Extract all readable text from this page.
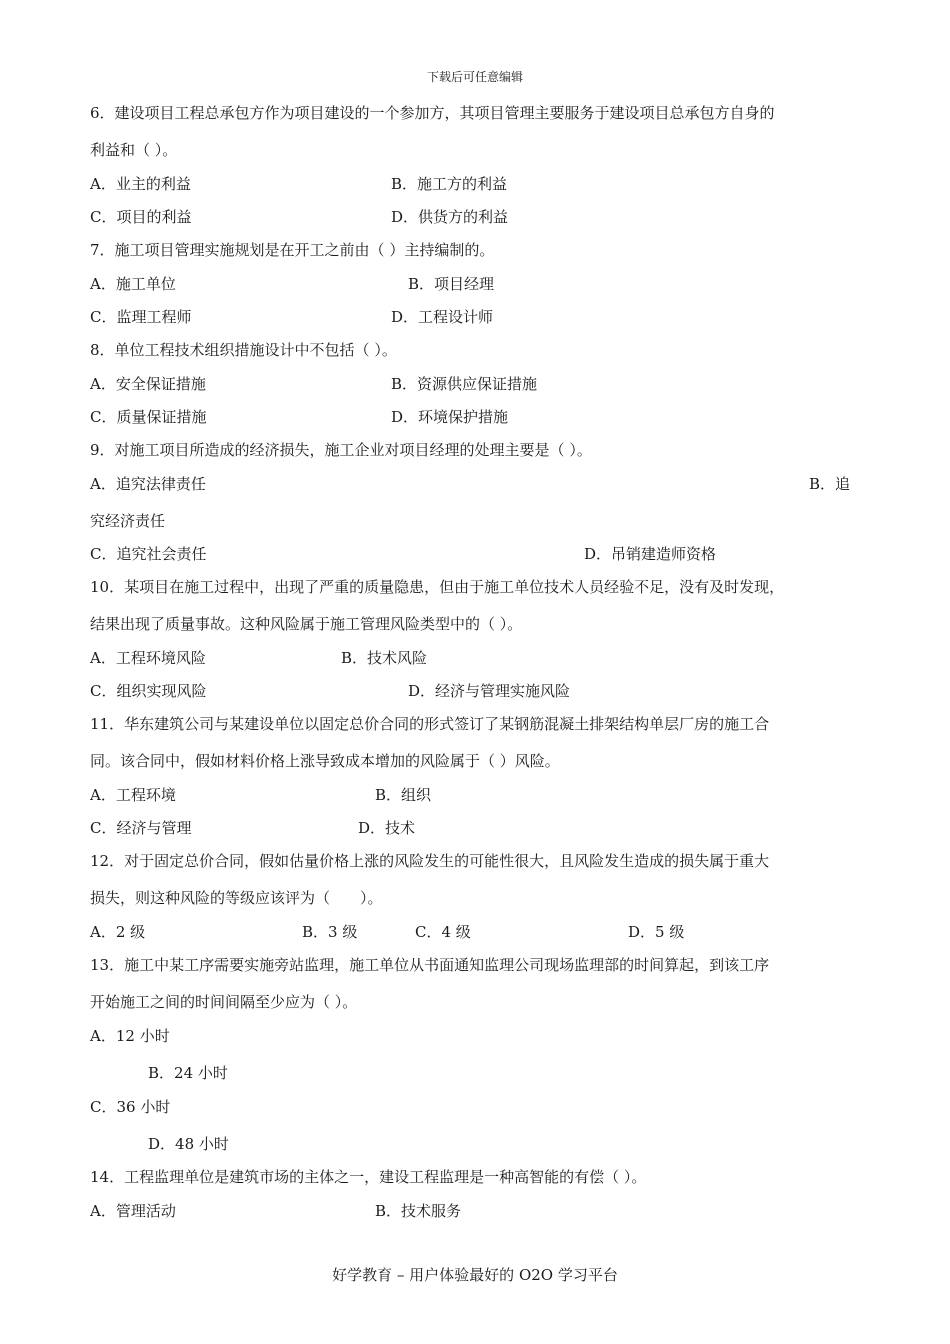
下载后可任意编辑
6．建设项目工程总承包方作为项目建设的一个参加方，其项目管理主要服务于建设项目总承包方自身的
利益和（ ）。
A．业主的利益	B．施工方的利益
C．项目的利益	D．供货方的利益
7．施工项目管理实施规划是在开工之前由（ ）主持编制的。
A．施工单位	B．项目经理
C．监理工程师	D．工程设计师
8．单位工程技术组织措施设计中不包括（ ）。
A．安全保证措施	B．资源供应保证措施
C．质量保证措施	D．环境保护措施
9．对施工项目所造成的经济损失，施工企业对项目经理的处理主要是（ ）。
A．追究法律责任	B．追
究经济责任
C．追究社会责任	D．吊销建造师资格
10．某项目在施工过程中，出现了严重的质量隐患，但由于施工单位技术人员经验不足，没有及时发现，
结果出现了质量事故。这种风险属于施工管理风险类型中的（ ）。
A．工程环境风险	B．技术风险
C．组织实现风险	D．经济与管理实施风险
11．华东建筑公司与某建设单位以固定总价合同的形式签订了某钢筋混凝土排架结构单层厂房的施工合
同。该合同中，假如材料价格上涨导致成本增加的风险属于（ ）风险。
A．工程环境	B．组织
C．经济与管理	D．技术
12．对于固定总价合同，假如估量价格上涨的风险发生的可能性很大，且风险发生造成的损失属于重大
损失，则这种风险的等级应该评为（　　）。
A．2 级	B．3 级	C．4 级	D．5 级
13．施工中某工序需要实施旁站监理，施工单位从书面通知监理公司现场监理部的时间算起，到该工序
开始施工之间的时间间隔至少应为（ ）。
A．12 小时
B．24 小时
C．36 小时
D．48 小时
14．工程监理单位是建筑市场的主体之一，建设工程监理是一种高智能的有偿（ ）。
A．管理活动	B．技术服务
好学教育 – 用户体验最好的 O2O 学习平台
